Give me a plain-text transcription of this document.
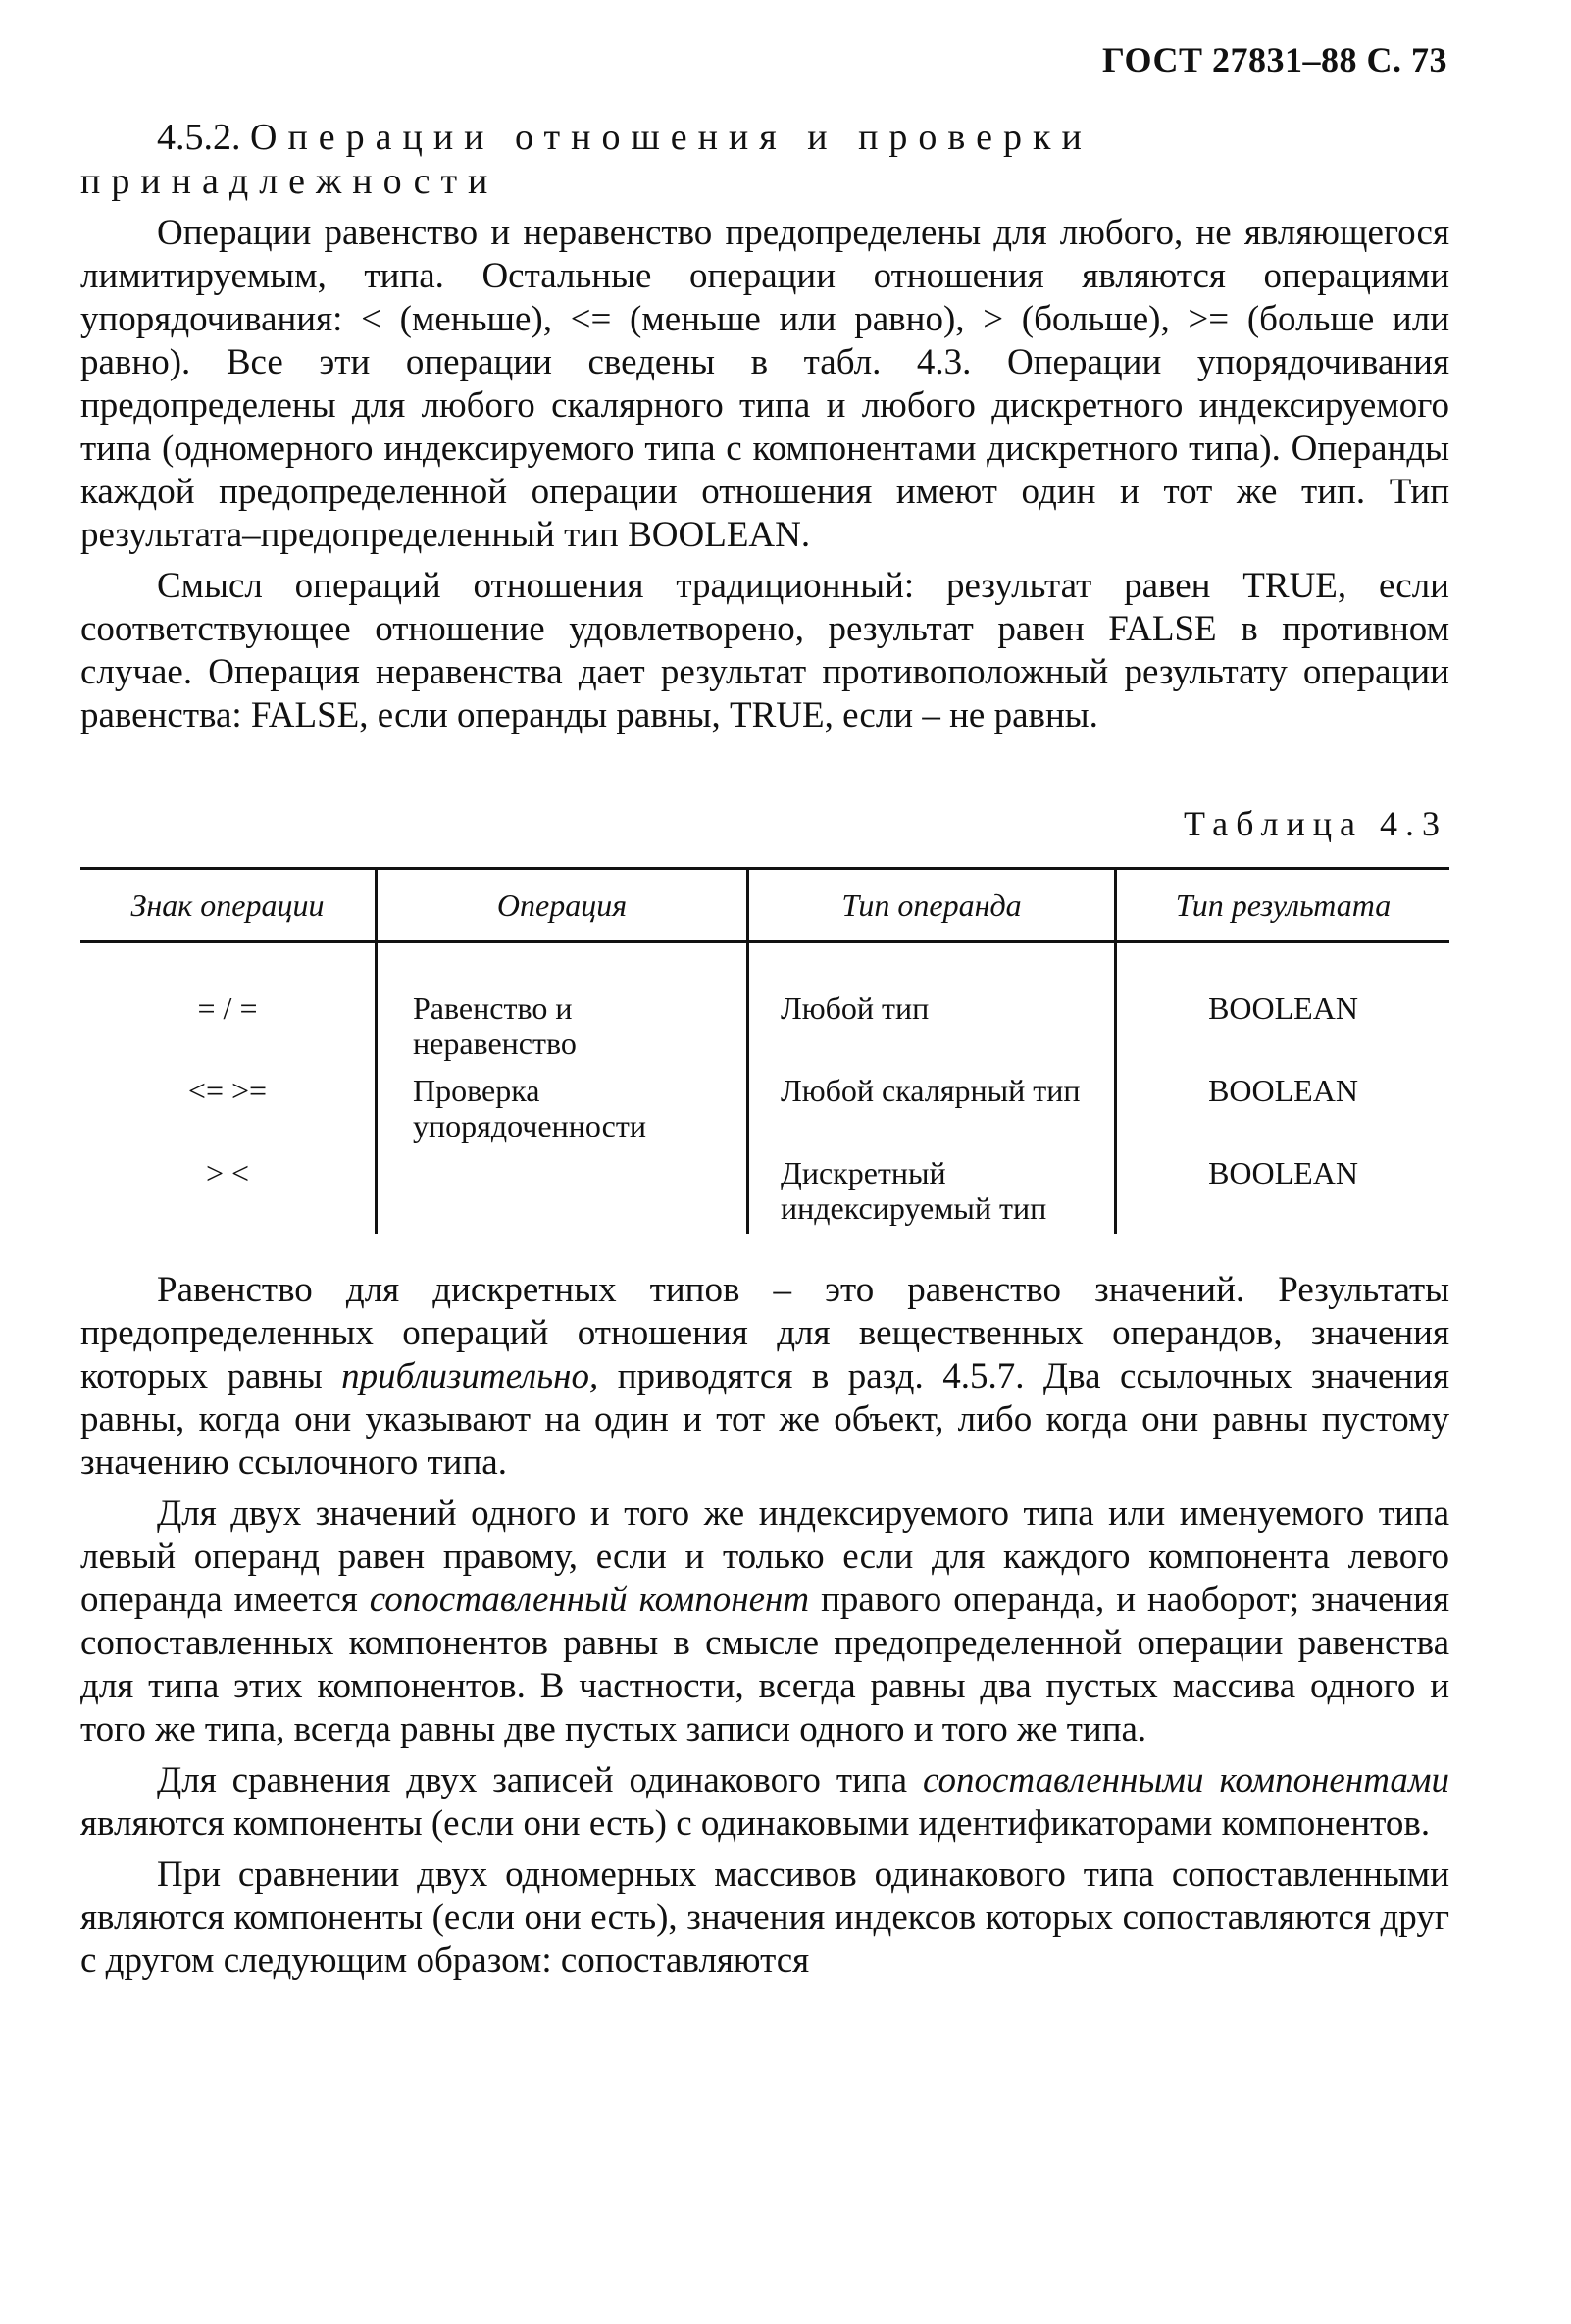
ГОСТ 27831–88 С. 73
4.5.2. Операции отношения и проверки принадлежности

Операции равенство и неравенство предопределены для любого, не являющегося лимитируемым, типа. Остальные операции отношения являются операциями упорядочивания: < (меньше), <= (меньше или равно), > (больше), >= (больше или равно). Все эти операции сведены в табл. 4.3. Операции упорядочивания предопределены для любого скалярного типа и любого дискретного индексируемого типа (одномерного индексируемого типа с компонентами дискретного типа). Операнды каждой предопределенной операции отношения имеют один и тот же тип. Тип результата–предопределенный тип BOOLEAN.

Смысл операций отношения традиционный: результат равен TRUE, если соответствующее отношение удовлетворено, результат равен FALSE в противном случае. Операция неравенства дает результат противоположный результату операции равенства: FALSE, если операнды равны, TRUE, если – не равны.

Таблица 4.3
Знак операции	Операция	Тип операнда	Тип результата
= / =	Равенство и неравенство	Любой тип	BOOLEAN
<= >=	Проверка упорядоченности	Любой скалярный тип	BOOLEAN
> <		Дискретный индексируемый тип	BOOLEAN

Равенство для дискретных типов – это равенство значений. Результаты предопределенных операций отношения для вещественных операндов, значения которых равны приблизительно, приводятся в разд. 4.5.7. Два ссылочных значения равны, когда они указывают на один и тот же объект, либо когда они равны пустому значению ссылочного типа.

Для двух значений одного и того же индексируемого типа или именуемого типа левый операнд равен правому, если и только если для каждого компонента левого операнда имеется сопоставленный компонент правого операнда, и наоборот; значения сопоставленных компонентов равны в смысле предопределенной операции равенства для типа этих компонентов. В частности, всегда равны два пустых массива одного и того же типа, всегда равны две пустых записи одного и того же типа.

Для сравнения двух записей одинакового типа сопоставленными компонентами являются компоненты (если они есть) с одинаковыми идентификаторами компонентов.

При сравнении двух одномерных массивов одинакового типа сопоставленными являются компоненты (если они есть), значения индексов которых сопоставляются друг с другом следующим образом: сопоставляются
